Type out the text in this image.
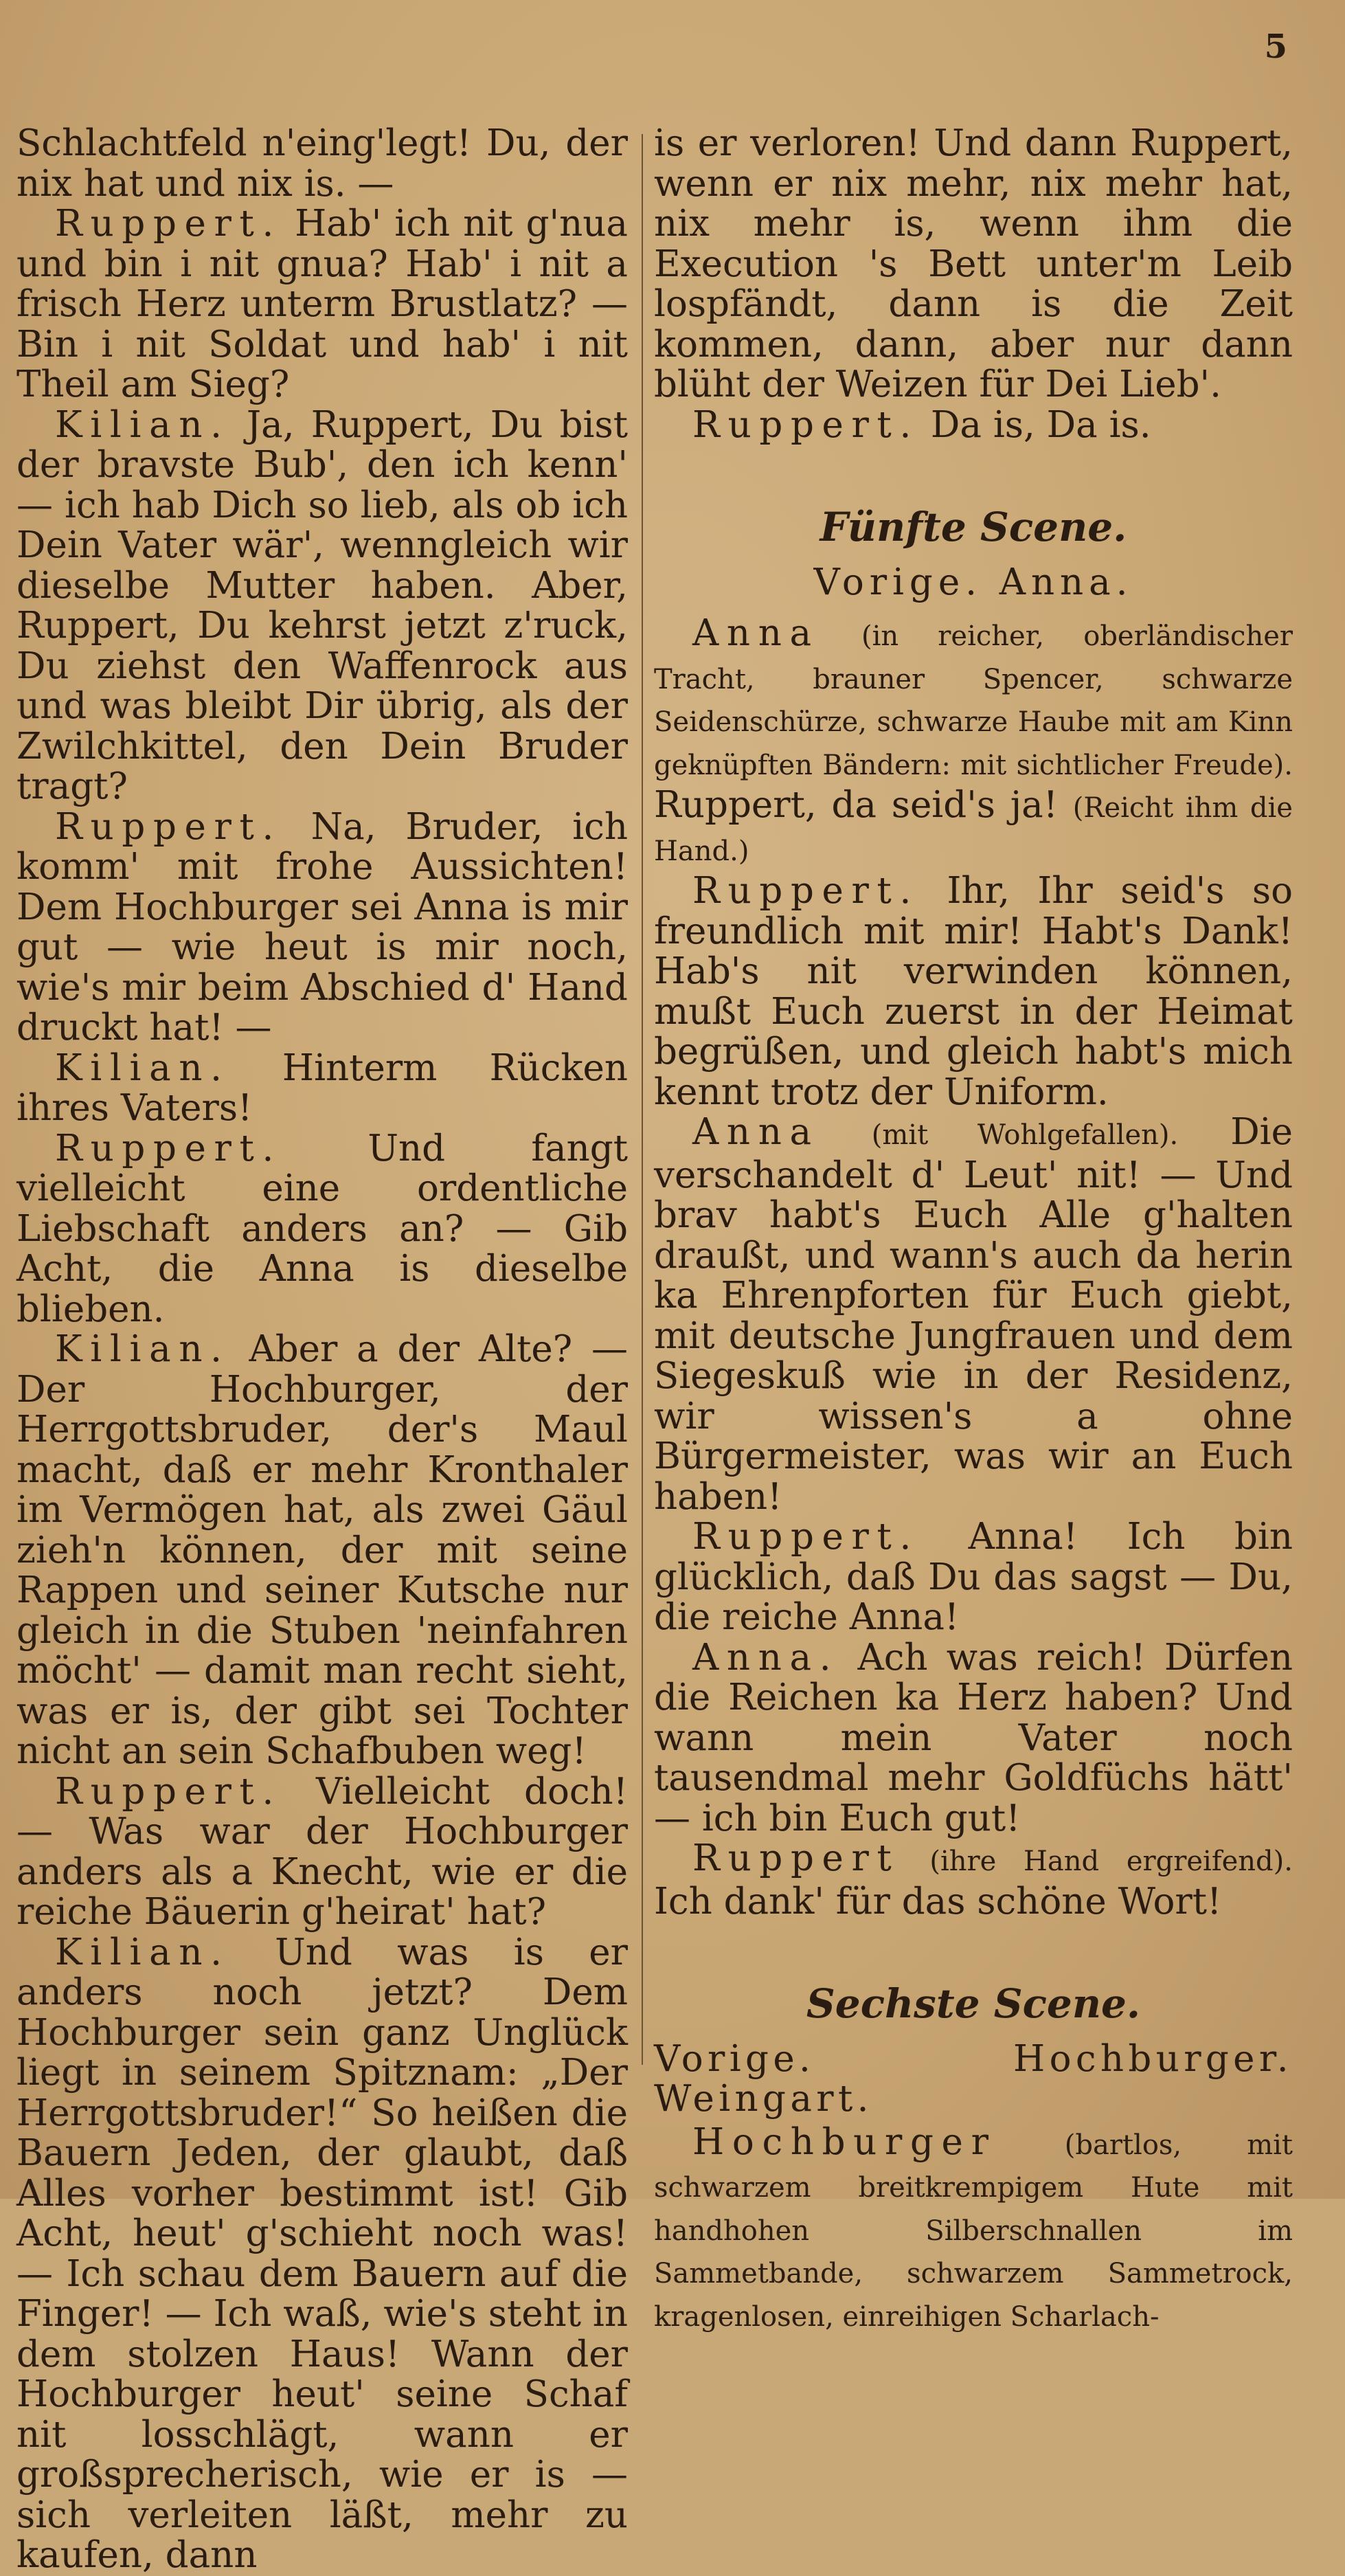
5

Schlachtfeld n'eing'legt! Du, der nix hat und nix is. —

Ruppert. Hab' ich nit g'nua und bin i nit gnua? Hab' i nit a frisch Herz unterm Brustlatz? — Bin i nit Soldat und hab' i nit Theil am Sieg?

Kilian. Ja, Ruppert, Du bist der bravste Bub', den ich kenn' — ich hab Dich so lieb, als ob ich Dein Vater wär', wenngleich wir dieselbe Mutter haben. Aber, Ruppert, Du kehrst jetzt z'ruck, Du ziehst den Waffenrock aus und was bleibt Dir übrig, als der Zwilchkittel, den Dein Bruder tragt?

Ruppert. Na, Bruder, ich komm' mit frohe Aussichten! Dem Hochburger sei Anna is mir gut — wie heut is mir noch, wie's mir beim Abschied d' Hand druckt hat! —

Kilian. Hinterm Rücken ihres Vaters!

Ruppert. Und fangt vielleicht eine ordentliche Liebschaft anders an? — Gib Acht, die Anna is dieselbe blieben.

Kilian. Aber a der Alte? — Der Hochburger, der Herrgottsbruder, der's Maul macht, daß er mehr Kronthaler im Vermögen hat, als zwei Gäul zieh'n können, der mit seine Rappen und seiner Kutsche nur gleich in die Stuben 'neinfahren möcht' — damit man recht sieht, was er is, der gibt sei Tochter nicht an sein Schafbuben weg!

Ruppert. Vielleicht doch! — Was war der Hochburger anders als a Knecht, wie er die reiche Bäuerin g'heirat' hat?

Kilian. Und was is er anders noch jetzt? Dem Hochburger sein ganz Unglück liegt in seinem Spitznam: „Der Herrgottsbruder!“ So heißen die Bauern Jeden, der glaubt, daß Alles vorher bestimmt ist! Gib Acht, heut' g'schieht noch was! — Ich schau dem Bauern auf die Finger! — Ich waß, wie's steht in dem stolzen Haus! Wann der Hochburger heut' seine Schaf nit losschlägt, wann er großsprecherisch, wie er is — sich verleiten läßt, mehr zu kaufen, dann

is er verloren! Und dann Ruppert, wenn er nix mehr, nix mehr hat, nix mehr is, wenn ihm die Execution 's Bett unter'm Leib lospfändt, dann is die Zeit kommen, dann, aber nur dann blüht der Weizen für Dei Lieb'.

Ruppert. Da is, Da is.

Fünfte Scene.
Vorige. Anna.

Anna (in reicher, oberländischer Tracht, brauner Spencer, schwarze Seidenschürze, schwarze Haube mit am Kinn geknüpften Bändern: mit sichtlicher Freude). Ruppert, da seid's ja! (Reicht ihm die Hand.)

Ruppert. Ihr, Ihr seid's so freundlich mit mir! Habt's Dank! Hab's nit verwinden können, mußt Euch zuerst in der Heimat begrüßen, und gleich habt's mich kennt trotz der Uniform.

Anna (mit Wohlgefallen). Die verschandelt d' Leut' nit! — Und brav habt's Euch Alle g'halten draußt, und wann's auch da herin ka Ehrenpforten für Euch giebt, mit deutsche Jungfrauen und dem Siegeskuß wie in der Residenz, wir wissen's a ohne Bürgermeister, was wir an Euch haben!

Ruppert. Anna! Ich bin glücklich, daß Du das sagst — Du, die reiche Anna!

Anna. Ach was reich! Dürfen die Reichen ka Herz haben? Und wann mein Vater noch tausendmal mehr Goldfüchs hätt' — ich bin Euch gut!

Ruppert (ihre Hand ergreifend). Ich dank' für das schöne Wort!

Sechste Scene.
Vorige. Hochburger. Weingart.

Hochburger (bartlos, mit schwarzem breitkrempigem Hute mit handhohen Silberschnallen im Sammetbande, schwarzem Sammetrock, kragenlosen, einreihigen Scharlach-
